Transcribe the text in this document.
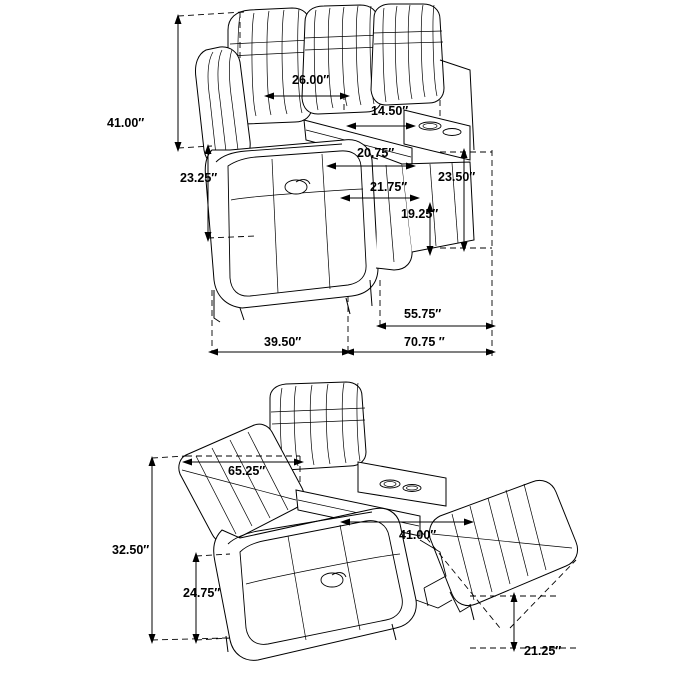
26.00″
14.50″
41.00″
20.75″
23.25″	23.50″
21.75″
19.25″
55.75″
39.50″	70.75 ″
65.25″
41.00″
32.50″
24.75″
21.25″
